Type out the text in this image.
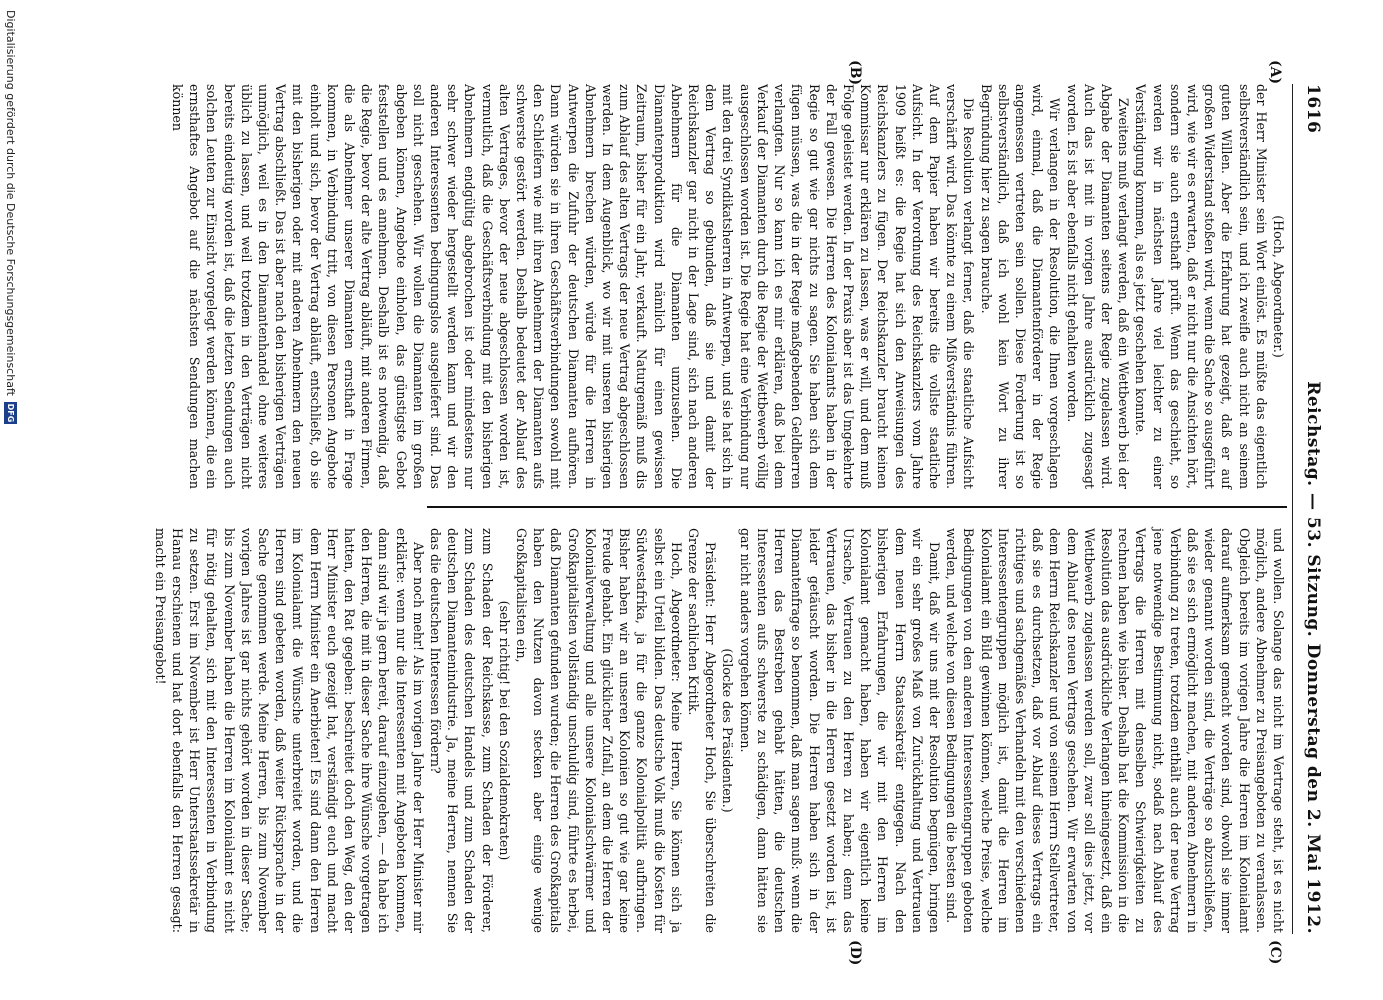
1616
Reichstag. — 53. Sitzung. Donnerstag den 2. Mai 1912.
(A)
(B)
(C)
(D)

(Hoch, Abgeordneter.)

der Herr Minister sein Wort einlöst. Es müßte das eigentlich selbstverständlich sein, und ich zweifle auch nicht an seinem guten Willen. Aber die Erfahrung hat gezeigt, daß er auf großen Widerstand stoßen wird, wenn die Sache so ausgeführt wird, wie wir es erwarten, daß er nicht nur die Ansichten hört, sondern sie auch ernsthaft prüft. Wenn das geschieht, so werden wir in nächsten Jahre viel leichter zu einer Verständigung kommen, als es jetzt geschehen konnte.

Zweitens muß verlangt werden, daß ein Wettbewerb bei der Abgabe der Diamanten seitens der Regie zugelassen wird. Auch das ist mit in vorigen Jahre ausdrücklich zugesagt worden. Es ist aber ebenfalls nicht gehalten worden.

Wir verlangen in der Resolution, die Ihnen vorgeschlagen wird, einmal, daß die Diamantenförderer in der Regie angemessen vertreten sein sollen. Diese Forderung ist so selbstverständlich, daß ich wohl kein Wort zu ihrer Begründung hier zu sagen brauche.

Die Resolution verlangt ferner, daß die staatliche Aufsicht verschärft wird. Das könnte zu einem Mißverständnis führen. Auf dem Papier haben wir bereits die vollste staatliche Aufsicht. In der Verordnung des Reichskanzlers vom Jahre 1909 heißt es: die Regie hat sich den Anweisungen des Reichskanzlers zu fügen. Der Reichskanzler braucht keinen Kommissar nur erklären zu lassen, was er will, und dem muß Folge geleistet werden. In der Praxis aber ist das Umgekehrte der Fall gewesen. Die Herren des Kolonialamts haben in der Regie so gut wie gar nichts zu sagen. Sie haben sich dem fügen müssen, was die in der Regie maßgebenden Geldherren verlangten. Nur so kann ich es mir erklären, daß bei dem Verkauf der Diamanten durch die Regie der Wettbewerb völlig ausgeschlossen worden ist. Die Regie hat eine Verbindung nur mit den drei Syndikatsherren in Antwerpen, und sie hat sich in dem Vertrag so gebunden, daß sie und damit der Reichskanzler gar nicht in der Lage sind, sich nach anderen Abnehmern für die Diamanten umzusehen. Die Diamantenproduktion wird nämlich für einen gewissen Zeitraum, bisher für ein Jahr, verkauft. Naturgemäß muß dis zum Ablauf des alten Vertrags der neue Vertrag abgeschlossen werden. In dem Augenblick, wo wir mit unseren bisherigen Abnehmern brechen würden, würde für die Herren in Antwerpen die Zufuhr der deutschen Diamanten aufhören. Dann würden sie in ihren Geschäftsverbindungen sowohl mit den Schleifern wie mit ihren Abnehmern der Diamanten aufs schwerste gestört werden. Deshalb bedeutet der Ablauf des alten Vertrages, bevor der neue abgeschlossen worden ist, vermutlich, daß die Geschäftsverbindung mit den bisherigen Abnehmern endgültig abgebrochen ist oder mindestens nur sehr schwer wieder hergestellt werden kann und wir den anderen Interessenten bedingungslos ausgeliefert sind. Das soll nicht geschehen. Wir wollen die Diamanten im großen abgeben können, Angebote einholen, das günstigste Gebot feststellen und es annehmen. Deshalb ist es notwendig, daß die Regie, bevor der alte Vertrag abläuft, mit anderen Firmen, die als Abnehmer unserer Diamanten ernsthaft in Frage kommen, in Verbindung tritt, von diesen Personen Angebote einholt und sich, bevor der Vertrag abläuft, entschließt, ob sie mit den bisherigen oder mit anderen Abnehmern den neuen Vertrag abschließt. Das ist aber nach den bisherigen Verträgen unmöglich, weil es in den Diamantenhandel ohne weiteres üblich zu lassen, und weil trotzdem in den Verträgen nicht bereits eindeutig worden ist, daß die letzten Sendungen auch solchen Leuten zur Einsicht vorgelegt werden können, die ein ernsthaftes Angebot auf die nächsten Sendungen machen können

und wollen. Solange das nicht im Vertrage steht, ist es nicht möglich, andere Abnehmer zu Preisangeboten zu veranlassen. Obgleich bereits im vorigen Jahre die Herren im Kolonialamt darauf aufmerksam gemacht worden sind, obwohl sie immer wieder genannt worden sind, die Verträge so abzuschließen, daß sie es sich ermöglicht machen, mit anderen Abnehmern in Verbindung zu treten, trotzdem enthält auch der neue Vertrag jene notwendige Bestimmung nicht, sodaß nach Ablauf des Vertrags die Herren mit denselben Schwierigkeiten zu rechnen haben wie bisher. Deshalb hat die Kommission in die Resolution das ausdrückliche Verlangen hineingesetzt, daß ein Wettbewerb zugelassen werden soll, zwar soll dies jetzt, vor dem Ablauf des neuen Vertrags geschehen. Wir erwarten von dem Herrn Reichskanzler und von seinem Herrn Stellvertreter, daß sie es durchsetzen, daß vor Ablauf dieses Vertrags ein richtiges und sachgemäßes Verhandeln mit den verschiedenen Interessentengruppen möglich ist, damit die Herren im Kolonialamt ein Bild gewinnen können, welche Preise, welche Bedingungen von den anderen Interessentengruppen geboten werden, und welche von diesen Bedingungen die besten sind.

Damit, daß wir uns mit der Resolution begnügen, bringen wir ein sehr großes Maß von Zurückhaltung und Vertrauen dem neuen Herrn Staatssekretär entgegen. Nach den bisherigen Erfahrungen, die wir mit den Herren im Kolonialamt gemacht haben, haben wir eigentlich keine Ursache, Vertrauen zu den Herren zu haben; denn das Vertrauen, das bisher in die Herren gesetzt worden ist, ist leider getäuscht worden. Die Herren haben sich in der Diamantenfrage so benommen, daß man sagen muß: wenn die Herren das Bestreben gehabt hätten, die deutschen Interessenten aufs schwerste zu schädigen, dann hätten sie gar nicht anders vorgehen können.

(Glocke des Präsidenten.)

Präsident: Herr Abgeordneter Hoch, Sie überschreiten die Grenze der sachlichen Kritik.

Hoch, Abgeordneter: Meine Herren, Sie können sich ja selbst ein Urteil bilden. Das deutsche Volk muß die Kosten für Südwestafrika, ja für die ganze Kolonialpolitik aufbringen. Bisher haben wir an unseren Kolonien so gut wie gar keine Freude gehabt. Ein glücklicher Zufall, an dem die Herren der Kolonialverwaltung und alle unsere Kolonialschwärmer und Großkapitalisten vollständig unschuldig sind, führte es herbei, daß Diamanten gefunden wurden; die Herren des Großkapitals haben den Nutzen davon stecken aber einige wenige Großkapitalisten ein,

(sehr richtig! bei den Sozialdemokraten)

zum Schaden der Reichskasse, zum Schaden der Förderer, zum Schaden des deutschen Handels und zum Schaden der deutschen Diamantenindustrie. Ja, meine Herren, nennen Sie das die deutschen Interessen fördern?

Aber noch mehr! Als im vorigen Jahre der Herr Minister mir erklärte: wenn nur die Interessenten mit Angeboten kommen, dann sind wir ja gern bereit, darauf einzugehen, — da habe ich den Herren, die mit in dieser Sache ihre Wünsche vorgetragen hatten, den Rat gegeben: beschreitet doch den Weg, den der Herr Minister euch gezeigt hat, verständigt euch und macht dem Herrn Minister ein Anerbieten! Es sind dann den Herren im Kolonialamt die Wünsche unterbreitet worden, und die Herren sind gebeten worden, daß weiter Rücksprache in der Sache genommen werde. Meine Herren, bis zum November vorigen Jahres ist gar nichts gehört worden in dieser Sache; bis zum November haben die Herren im Kolonialamt es nicht für nötig gehalten, sich mit den Interessenten in Verbindung zu setzen. Erst im November ist Herr Unterstaatssekretär in Hanau erschienen und hat dort ebenfalls den Herren gesagt: macht ein Preisangebot!

Digitalisierung gefördert durch die Deutsche Forschungsgemeinschaft
DFG
